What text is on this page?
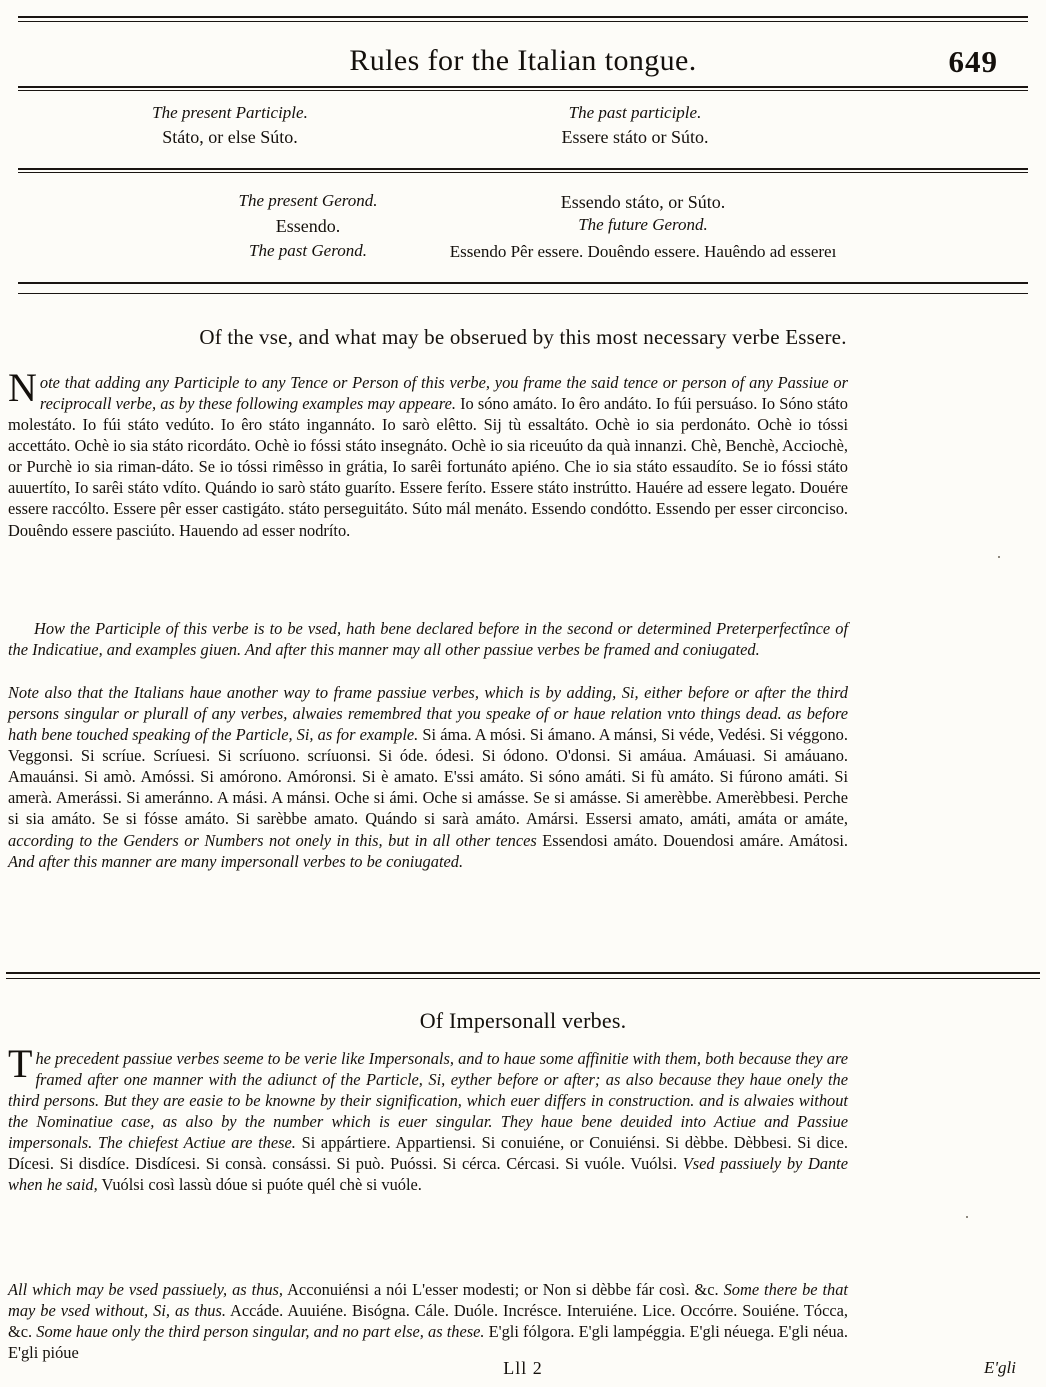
Rules for the Italian tongue.	649
The present Participle.
Státo, or else Súto.
The past participle.
Essere státo or Súto.
The present Gerond.
Essendo.
The past Gerond.
Essendo státo, or Súto.
The future Gerond.
Essendo Pêr essere. Douêndo essere. Hauêndo ad essereı
Of the vse, and what may be obserued by this most necessary verbe Essere.

Note that adding any Participle to any Tence or Person of this verbe, you frame the said tence or person of any Passiue or reciprocall verbe, as by these following examples may appeare. Io sóno amáto. Io êro andáto. Io fúi persuáso. Io Sóno státo molestáto. Io fúi státo vedúto. Io êro státo ingannáto. Io sarò elêtto. Sij tù essaltáto. Ochè io sia perdonáto. Ochè io tóssi accettáto. Ochè io sia státo ricordáto. Ochè io fóssi státo insegnáto. Ochè io sia riceuúto da quà innanzi. Chè, Benchè, Acciochè, or Purchè io sia riman-dáto. Se io tóssi rimêsso in grátia, Io sarêi fortunáto apiéno. Che io sia státo essaudíto. Se io fóssi státo auuertíto, Io sarêi státo vdíto. Quándo io sarò státo guaríto. Essere feríto. Essere státo instrútto. Hauére ad essere legato. Douére essere raccólto. Essere pêr esser castigáto. státo perseguitáto. Súto mál menáto. Essendo condótto. Essendo per esser circonciso. Douêndo essere pasciúto. Hauendo ad esser nodríto.

How the Participle of this verbe is to be vsed, hath bene declared before in the second or determined Preterperfectînce of the Indicatiue, and examples giuen. And after this manner may all other passiue verbes be framed and coniugated.

Note also that the Italians haue another way to frame passiue verbes, which is by adding, Si, either before or after the third persons singular or plurall of any verbes, alwaies remembred that you speake of or haue relation vnto things dead. as before hath bene touched speaking of the Particle, Si, as for example. Si áma. A mósi. Si ámano. A mánsi, Si véde, Vedési. Si véggono. Veggonsi. Si scríue. Scríuesi. Si scríuono. scríuonsi. Si óde. ódesi. Si ódono. O'donsi. Si amáua. Amáuasi. Si amáuano. Amauánsi. Si amò. Amóssi. Si amórono. Amóronsi. Si è amato. E'ssi amáto. Si sóno amáti. Si fù amáto. Si fúrono amáti. Si amerà. Amerássi. Si ameránno. A mási. A mánsi. Oche si ámi. Oche si amásse. Se si amásse. Si amerèbbe. Amerèbbesi. Perche si sia amáto. Se si fósse amáto. Si sarèbbe amato. Quándo si sarà amáto. Amársi. Essersi amato, amáti, amáta or amáte, according to the Genders or Numbers not onely in this, but in all other tences Essendosi amáto. Douendosi amáre. Amátosi. And after this manner are many impersonall verbes to be coniugated.

Of Impersonall verbes.

The precedent passiue verbes seeme to be verie like Impersonals, and to haue some affinitie with them, both because they are framed after one manner with the adiunct of the Particle, Si, eyther before or after; as also because they haue onely the third persons. But they are easie to be knowne by their signification, which euer differs in construction. and is alwaies without the Nominatiue case, as also by the number which is euer singular. They haue bene deuided into Actiue and Passiue impersonals. The chiefest Actiue are these. Si appártiere. Appartiensi. Si conuiéne, or Conuiénsi. Si dèbbe. Dèbbesi. Si dice. Dícesi. Si disdíce. Disdícesi. Si consà. consássi. Si può. Puóssi. Si cérca. Cércasi. Si vuóle. Vuólsi. Vsed passiuely by Dante when he said, Vuólsi così lassù dóue si puóte quél chè si vuóle.

All which may be vsed passiuely, as thus, Acconuiénsi a nói L'esser modesti; or Non si dèbbe fár così. &c. Some there be that may be vsed without, Si, as thus. Accáde. Auuiéne. Bisógna. Cále. Duóle. Incrésce. Interuiéne. Lice. Occórre. Souiéne. Tócca, &c. Some haue only the third person singular, and no part else, as these. E'gli fólgora. E'gli lampéggia. E'gli néuega. E'gli néua. E'gli pióue

Lll 2	E'gli
